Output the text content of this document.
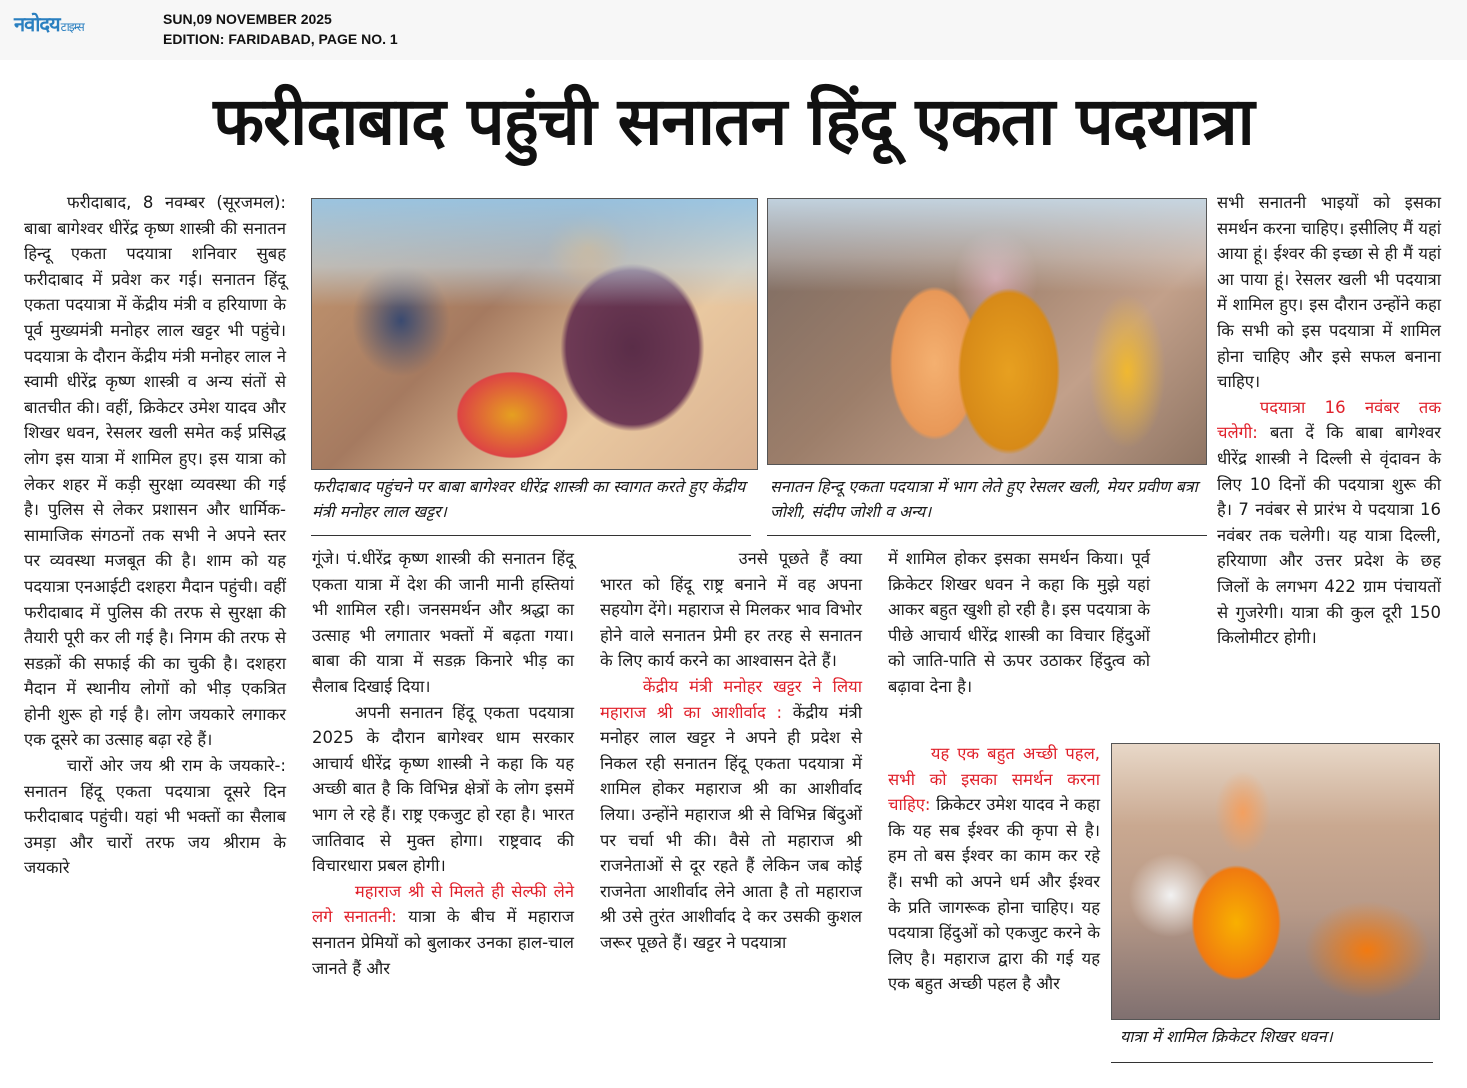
नवोदयटाइम्स	SUN,09 NOVEMBER 2025
EDITION: FARIDABAD, PAGE NO. 1
फरीदाबाद पहुंची सनातन हिंदू एकता पदयात्रा

फरीदाबाद, 8 नवम्बर (सूरजमल): बाबा बागेश्वर धीरेंद्र कृष्ण शास्त्री की सनातन हिन्दू एकता पदयात्रा शनिवार सुबह फरीदाबाद में प्रवेश कर गई। सनातन हिंदू एकता पदयात्रा में केंद्रीय मंत्री व हरियाणा के पूर्व मुख्यमंत्री मनोहर लाल खट्टर भी पहुंचे। पदयात्रा के दौरान केंद्रीय मंत्री मनोहर लाल ने स्वामी धीरेंद्र कृष्ण शास्त्री व अन्य संतों से बातचीत की। वहीं, क्रिकेटर उमेश यादव और शिखर धवन, रेसलर खली समेत कई प्रसिद्ध लोग इस यात्रा में शामिल हुए। इस यात्रा को लेकर शहर में कड़ी सुरक्षा व्यवस्था की गई है। पुलिस से लेकर प्रशासन और धार्मिक-सामाजिक संगठनों तक सभी ने अपने स्तर पर व्यवस्था मजबूत की है। शाम को यह पदयात्रा एनआईटी दशहरा मैदान पहुंची। वहीं फरीदाबाद में पुलिस की तरफ से सुरक्षा की तैयारी पूरी कर ली गई है। निगम की तरफ से सडक़ों की सफाई की का चुकी है। दशहरा मैदान में स्थानीय लोगों को भीड़ एकत्रित होनी शुरू हो गई है। लोग जयकारे लगाकर एक दूसरे का उत्साह बढ़ा रहे हैं।

चारों ओर जय श्री राम के जयकारे-: सनातन हिंदू एकता पदयात्रा दूसरे दिन फरीदाबाद पहुंची। यहां भी भक्तों का सैलाब उमड़ा और चारों तरफ जय श्रीराम के जयकारे

फरीदाबाद पहुंचने पर बाबा बागेश्वर धीरेंद्र शास्त्री का स्वागत करते हुए केंद्रीय मंत्री मनोहर लाल खट्टर।
सनातन हिन्दू एकता पदयात्रा में भाग लेते हुए रेसलर खली, मेयर प्रवीण बत्रा जोशी, संदीप जोशी व अन्य।

गूंजे। पं.धीरेंद्र कृष्ण शास्त्री की सनातन हिंदू एकता यात्रा में देश की जानी मानी हस्तियां भी शामिल रही। जनसमर्थन और श्रद्धा का उत्साह भी लगातार भक्तों में बढ़ता गया। बाबा की यात्रा में सडक़ किनारे भीड़ का सैलाब दिखाई दिया।

अपनी सनातन हिंदू एकता पदयात्रा 2025 के दौरान बागेश्वर धाम सरकार आचार्य धीरेंद्र कृष्ण शास्त्री ने कहा कि यह अच्छी बात है कि विभिन्न क्षेत्रों के लोग इसमें भाग ले रहे हैं। राष्ट्र एकजुट हो रहा है। भारत जातिवाद से मुक्त होगा। राष्ट्रवाद की विचारधारा प्रबल होगी।

महाराज श्री से मिलते ही सेल्फी लेने लगे सनातनी: यात्रा के बीच में महाराज सनातन प्रेमियों को बुलाकर उनका हाल-चाल जानते हैं और

उनसे पूछते हैं क्या भारत को हिंदू राष्ट्र बनाने में वह अपना सहयोग देंगे। महाराज से मिलकर भाव विभोर होने वाले सनातन प्रेमी हर तरह से सनातन के लिए कार्य करने का आश्वासन देते हैं।

केंद्रीय मंत्री मनोहर खट्टर ने लिया महाराज श्री का आशीर्वाद : केंद्रीय मंत्री मनोहर लाल खट्टर ने अपने ही प्रदेश से निकल रही सनातन हिंदू एकता पदयात्रा में शामिल होकर महाराज श्री का आशीर्वाद लिया। उन्होंने महाराज श्री से विभिन्न बिंदुओं पर चर्चा भी की। वैसे तो महाराज श्री राजनेताओं से दूर रहते हैं लेकिन जब कोई राजनेता आशीर्वाद लेने आता है तो महाराज श्री उसे तुरंत आशीर्वाद दे कर उसकी कुशल जरूर पूछते हैं। खट्टर ने पदयात्रा

में शामिल होकर इसका समर्थन किया। पूर्व क्रिकेटर शिखर धवन ने कहा कि मुझे यहां आकर बहुत खुशी हो रही है। इस पदयात्रा के पीछे आचार्य धीरेंद्र शास्त्री का विचार हिंदुओं को जाति-पाति से ऊपर उठाकर हिंदुत्व को बढ़ावा देना है।

यह एक बहुत अच्छी पहल, सभी को इसका समर्थन करना चाहिए: क्रिकेटर उमेश यादव ने कहा कि यह सब ईश्वर की कृपा से है। हम तो बस ईश्वर का काम कर रहे हैं। सभी को अपने धर्म और ईश्वर के प्रति जागरूक होना चाहिए। यह पदयात्रा हिंदुओं को एकजुट करने के लिए है। महाराज द्वारा की गई यह एक बहुत अच्छी पहल है और

सभी सनातनी भाइयों को इसका समर्थन करना चाहिए। इसीलिए मैं यहां आया हूं। ईश्वर की इच्छा से ही मैं यहां आ पाया हूं। रेसलर खली भी पदयात्रा में शामिल हुए। इस दौरान उन्होंने कहा कि सभी को इस पदयात्रा में शामिल होना चाहिए और इसे सफल बनाना चाहिए।

पदयात्रा 16 नवंबर तक चलेगी: बता दें कि बाबा बागेश्वर धीरेंद्र शास्त्री ने दिल्ली से वृंदावन के लिए 10 दिनों की पदयात्रा शुरू की है। 7 नवंबर से प्रारंभ ये पदयात्रा 16 नवंबर तक चलेगी। यह यात्रा दिल्ली, हरियाणा और उत्तर प्रदेश के छह जिलों के लगभग 422 ग्राम पंचायतों से गुजरेगी। यात्रा की कुल दूरी 150 किलोमीटर होगी।

यात्रा में शामिल क्रिकेटर शिखर धवन।
